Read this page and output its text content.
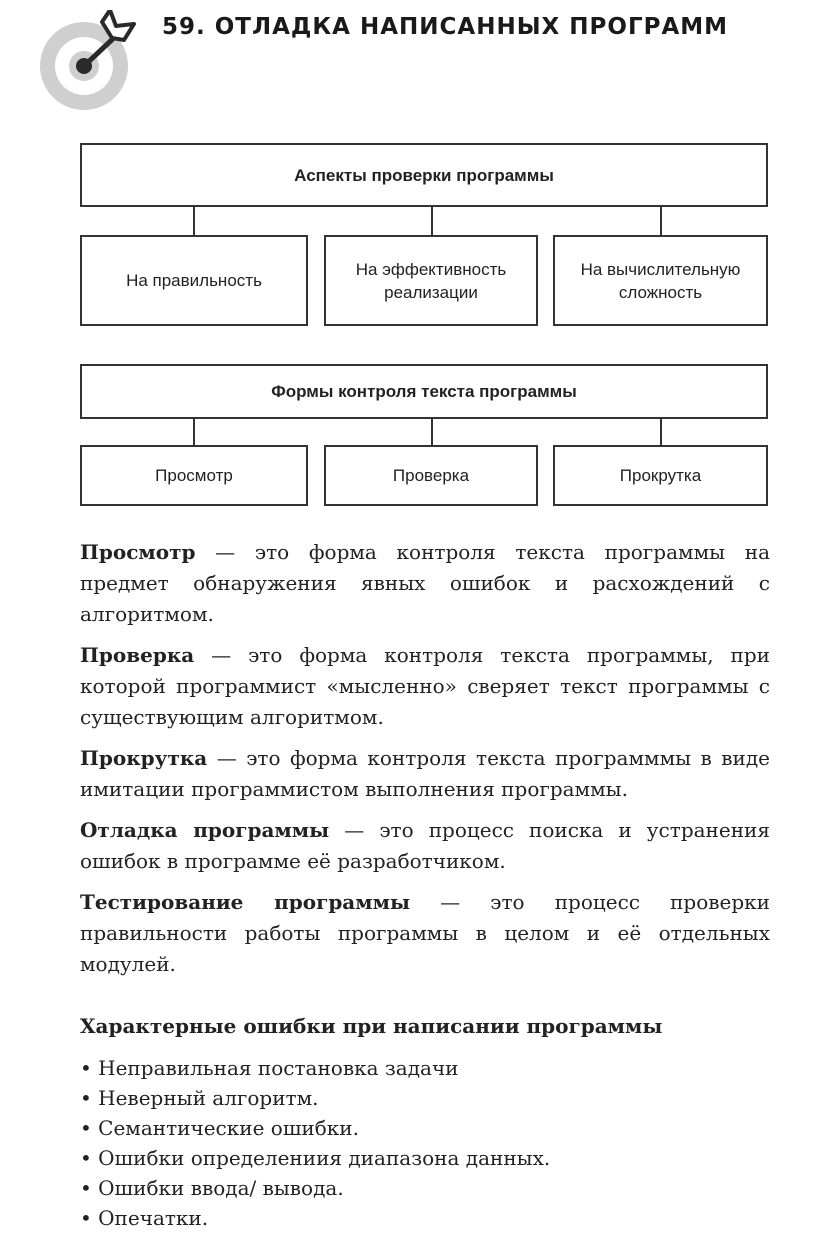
59. ОТЛАДКА НАПИСАННЫХ ПРОГРАММ
Аспекты проверки программы
На правильность
На эффективность реализации
На вычислительную сложность
Формы контроля текста программы
Просмотр	Проверка	Прокрутка

Просмотр — это форма контроля текста программы на предмет обнаружения явных ошибок и расхождений с алгоритмом.

Проверка — это форма контроля текста программы, при которой программист «мысленно» сверяет текст программы с существующим алгоритмом.

Прокрутка — это форма контроля текста программмы в виде имитации программистом выполнения программы.

Отладка программы — это процесс поиска и устранения ошибок в программе её разработчиком.

Тестирование программы — это процесс проверки правильности работы программы в целом и её отдельных модулей.

Характерные ошибки при написании программы
• Неправильная постановка задачи
• Неверный алгоритм.
• Семантические ошибки.
• Ошибки определениия диапазона данных.
• Ошибки ввода/ вывода.
• Опечатки.
